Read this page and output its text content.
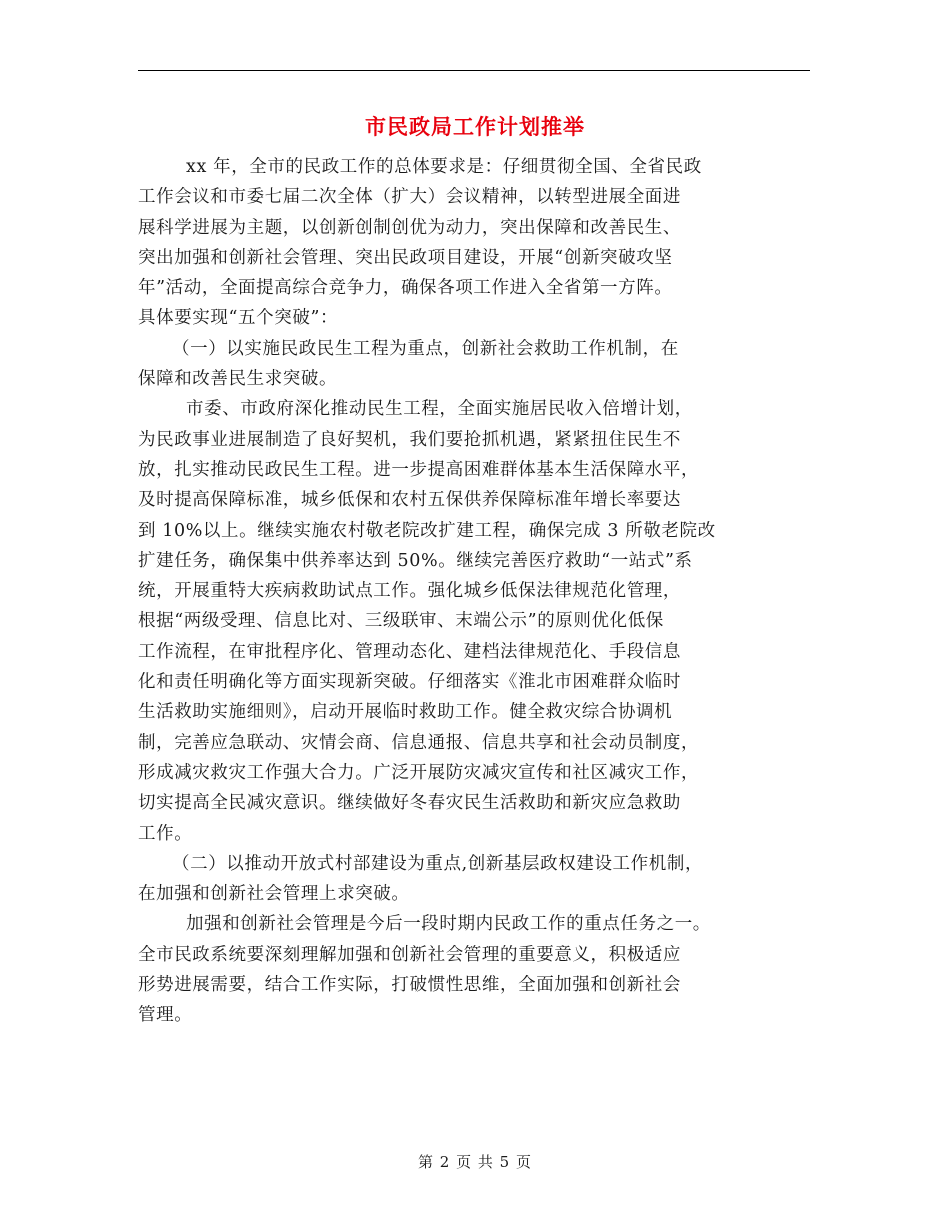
市民政局工作计划推举
xx 年，全市的民政工作的总体要求是：仔细贯彻全国、全省民政
工作会议和市委七届二次全体（扩大）会议精神，以转型进展全面进
展科学进展为主题，以创新创制创优为动力，突出保障和改善民生、
突出加强和创新社会管理、突出民政项目建设，开展“创新突破攻坚
年”活动，全面提高综合竞争力，确保各项工作进入全省第一方阵。
具体要实现“五个突破”：
（一）以实施民政民生工程为重点，创新社会救助工作机制，在
保障和改善民生求突破。
市委、市政府深化推动民生工程，全面实施居民收入倍增计划，
为民政事业进展制造了良好契机，我们要抢抓机遇，紧紧扭住民生不
放，扎实推动民政民生工程。进一步提高困难群体基本生活保障水平，
及时提高保障标准，城乡低保和农村五保供养保障标准年增长率要达
到 10%以上。继续实施农村敬老院改扩建工程，确保完成 3 所敬老院改
扩建任务，确保集中供养率达到 50%。继续完善医疗救助“一站式”系
统，开展重特大疾病救助试点工作。强化城乡低保法律规范化管理，
根据“两级受理、信息比对、三级联审、末端公示”的原则优化低保
工作流程，在审批程序化、管理动态化、建档法律规范化、手段信息
化和责任明确化等方面实现新突破。仔细落实《淮北市困难群众临时
生活救助实施细则》，启动开展临时救助工作。健全救灾综合协调机
制，完善应急联动、灾情会商、信息通报、信息共享和社会动员制度，
形成减灾救灾工作强大合力。广泛开展防灾减灾宣传和社区减灾工作，
切实提高全民减灾意识。继续做好冬春灾民生活救助和新灾应急救助
工作。
（二）以推动开放式村部建设为重点,创新基层政权建设工作机制，
在加强和创新社会管理上求突破。
加强和创新社会管理是今后一段时期内民政工作的重点任务之一。
全市民政系统要深刻理解加强和创新社会管理的重要意义，积极适应
形势进展需要，结合工作实际，打破惯性思维，全面加强和创新社会
管理。
第 2 页 共 5 页
